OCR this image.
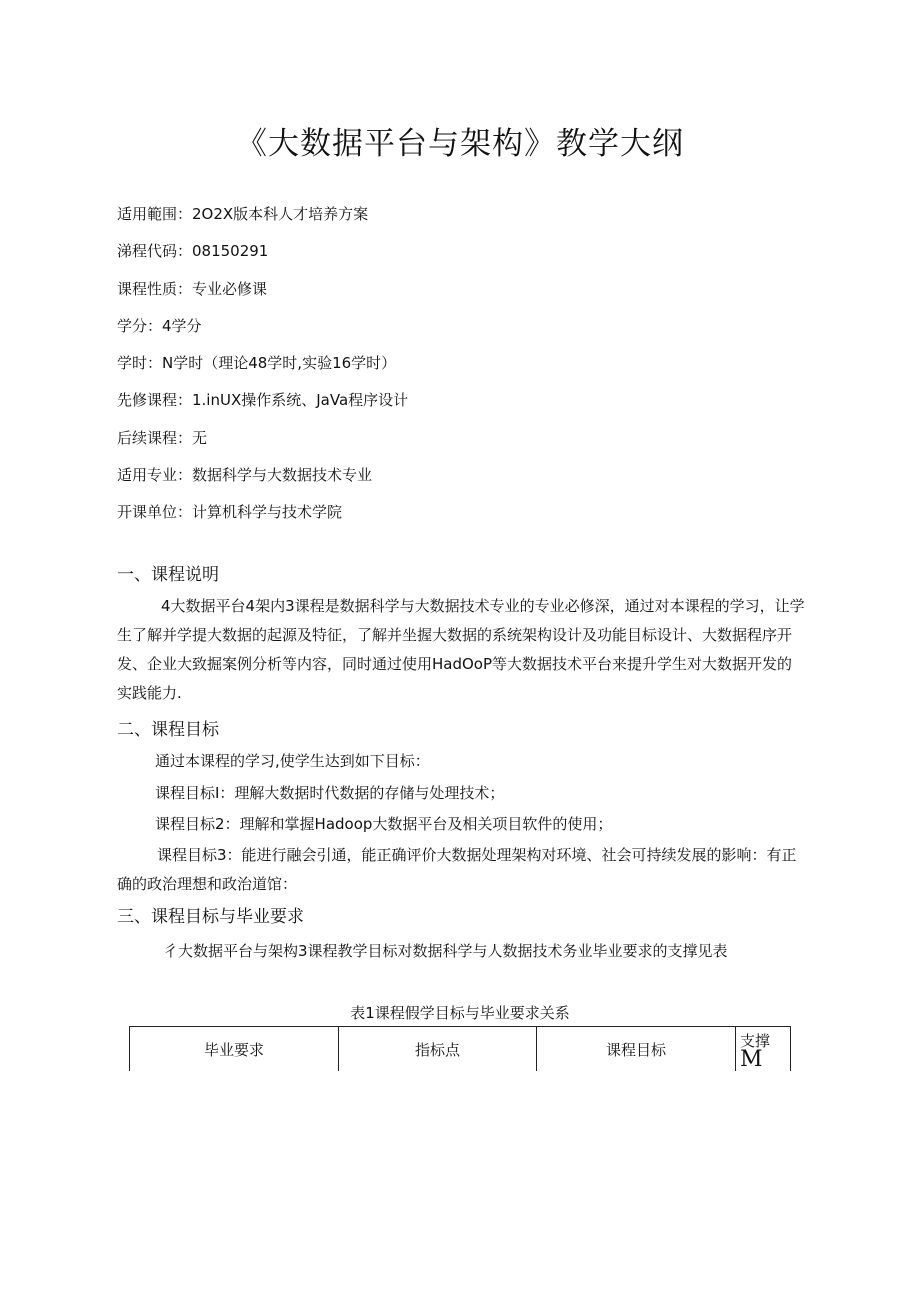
《大数据平台与架构》教学大纲
适用範围：2O2X版本科人才培养方案
涕程代码：08150291
课程性质：专业必修课
学分：4学分
学时：N学时（理论48学时,实验16学时）
先修课程：1.inUX操作系统、JaVa程序设计
后续课程：无
适用专业：数据科学与大数据技术专业
开课单位：计算机科学与技术学院
一、课程说明

4大数据平台4架内3课程是数据科学与大数据技术专业的专业必修深，通过对本课程的学习，让学生了解并学提大数据的起源及特征，了解并坐握大数据的系统架构设计及功能目标设计、大数据程序开发、企业大致掘案例分析等内容，同时通过使用HadOoP等大数据技术平台来提升学生对大数据开发的实践能力.

二、课程目标
通过本课程的学习,使学生达到如下目标：
课程目标I：理解大数据时代数据的存储与处理技术；
课程目标2：理解和掌握Hadoop大数据平台及相关项目软件的使用；

课程目标3：能进行融会引通，能正确评价大数据处理架构对环境、社会可持续发展的影响：有正确的政治理想和政治道馆：

三、课程目标与毕业要求
彳大数据平台与架构3课程教学目标对数据科学与人数据技术务业毕业要求的支撑见表
表1课程假学目标与毕业要求关系
毕业要求	指标点	课程目标	支撑
M
